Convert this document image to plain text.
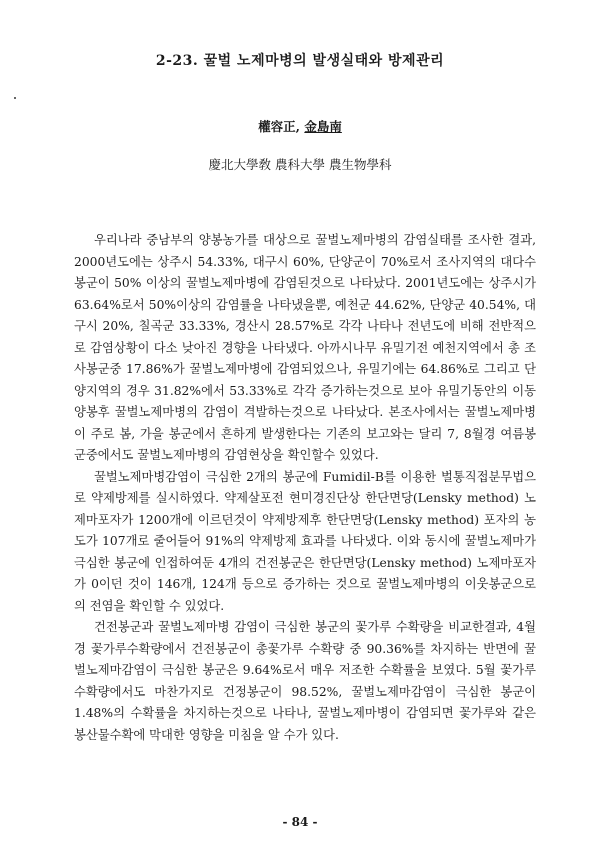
2-23. 꿀벌 노제마병의 발생실태와 방제관리
權容正, 金島南
慶北大學敎 農科大學 農生物學科

우리나라 중남부의 양봉농가를 대상으로 꿀벌노제마병의 감염실태를 조사한 결과, 2000년도에는 상주시 54.33%, 대구시 60%, 단양군이 70%로서 조사지역의 대다수 봉군이 50% 이상의 꿀벌노제마병에 감염된것으로 나타났다. 2001년도에는 상주시가 63.64%로서 50%이상의 감염률을 나타냈을뿐, 예천군 44.62%, 단양군 40.54%, 대구시 20%, 칠곡군 33.33%, 경산시 28.57%로 각각 나타나 전년도에 비해 전반적으로 감염상황이 다소 낮아진 경향을 나타냈다. 아까시나무 유밀기전 예천지역에서 총 조사봉군중 17.86%가 꿀벌노제마병에 감염되었으나, 유밀기에는 64.86%로 그리고 단양지역의 경우 31.82%에서 53.33%로 각각 증가하는것으로 보아 유밀기동안의 이동양봉후 꿀벌노제마병의 감염이 격발하는것으로 나타났다. 본조사에서는 꿀벌노제마병이 주로 봄, 가을 봉군에서 흔하게 발생한다는 기존의 보고와는 달리 7, 8월경 여름봉군중에서도 꿀벌노제마병의 감염현상을 확인할수 있었다.

꿀벌노제마병감염이 극심한 2개의 봉군에 Fumidil-B를 이용한 벌통직접분무법으로 약제방제를 실시하였다. 약제살포전 현미경진단상 한단면당(Lensky method) 노제마포자가 1200개에 이르던것이 약제방제후 한단면당(Lensky method) 포자의 농도가 107개로 줄어들어 91%의 약제방제 효과를 나타냈다. 이와 동시에 꿀벌노제마가 극심한 봉군에 인접하여둔 4개의 건전봉군은 한단면당(Lensky method) 노제마포자가 0이던 것이 146개, 124개 등으로 증가하는 것으로 꿀벌노제마병의 이웃봉군으로의 전염을 확인할 수 있었다.

건전봉군과 꿀벌노제마병 감염이 극심한 봉군의 꽃가루 수확량을 비교한결과, 4월경 꽃가루수확량에서 건전봉군이 총꽃가루 수확량 중 90.36%를 차지하는 반면에 꿀벌노제마감염이 극심한 봉군은 9.64%로서 매우 저조한 수확률을 보였다. 5월 꽃가루수확량에서도 마찬가지로 건정봉군이 98.52%, 꿀벌노제마감염이 극심한 봉군이 1.48%의 수확률을 차지하는것으로 나타나, 꿀벌노제마병이 감염되면 꽃가루와 같은 봉산물수확에 막대한 영향을 미침을 알 수가 있다.

- 84 -
